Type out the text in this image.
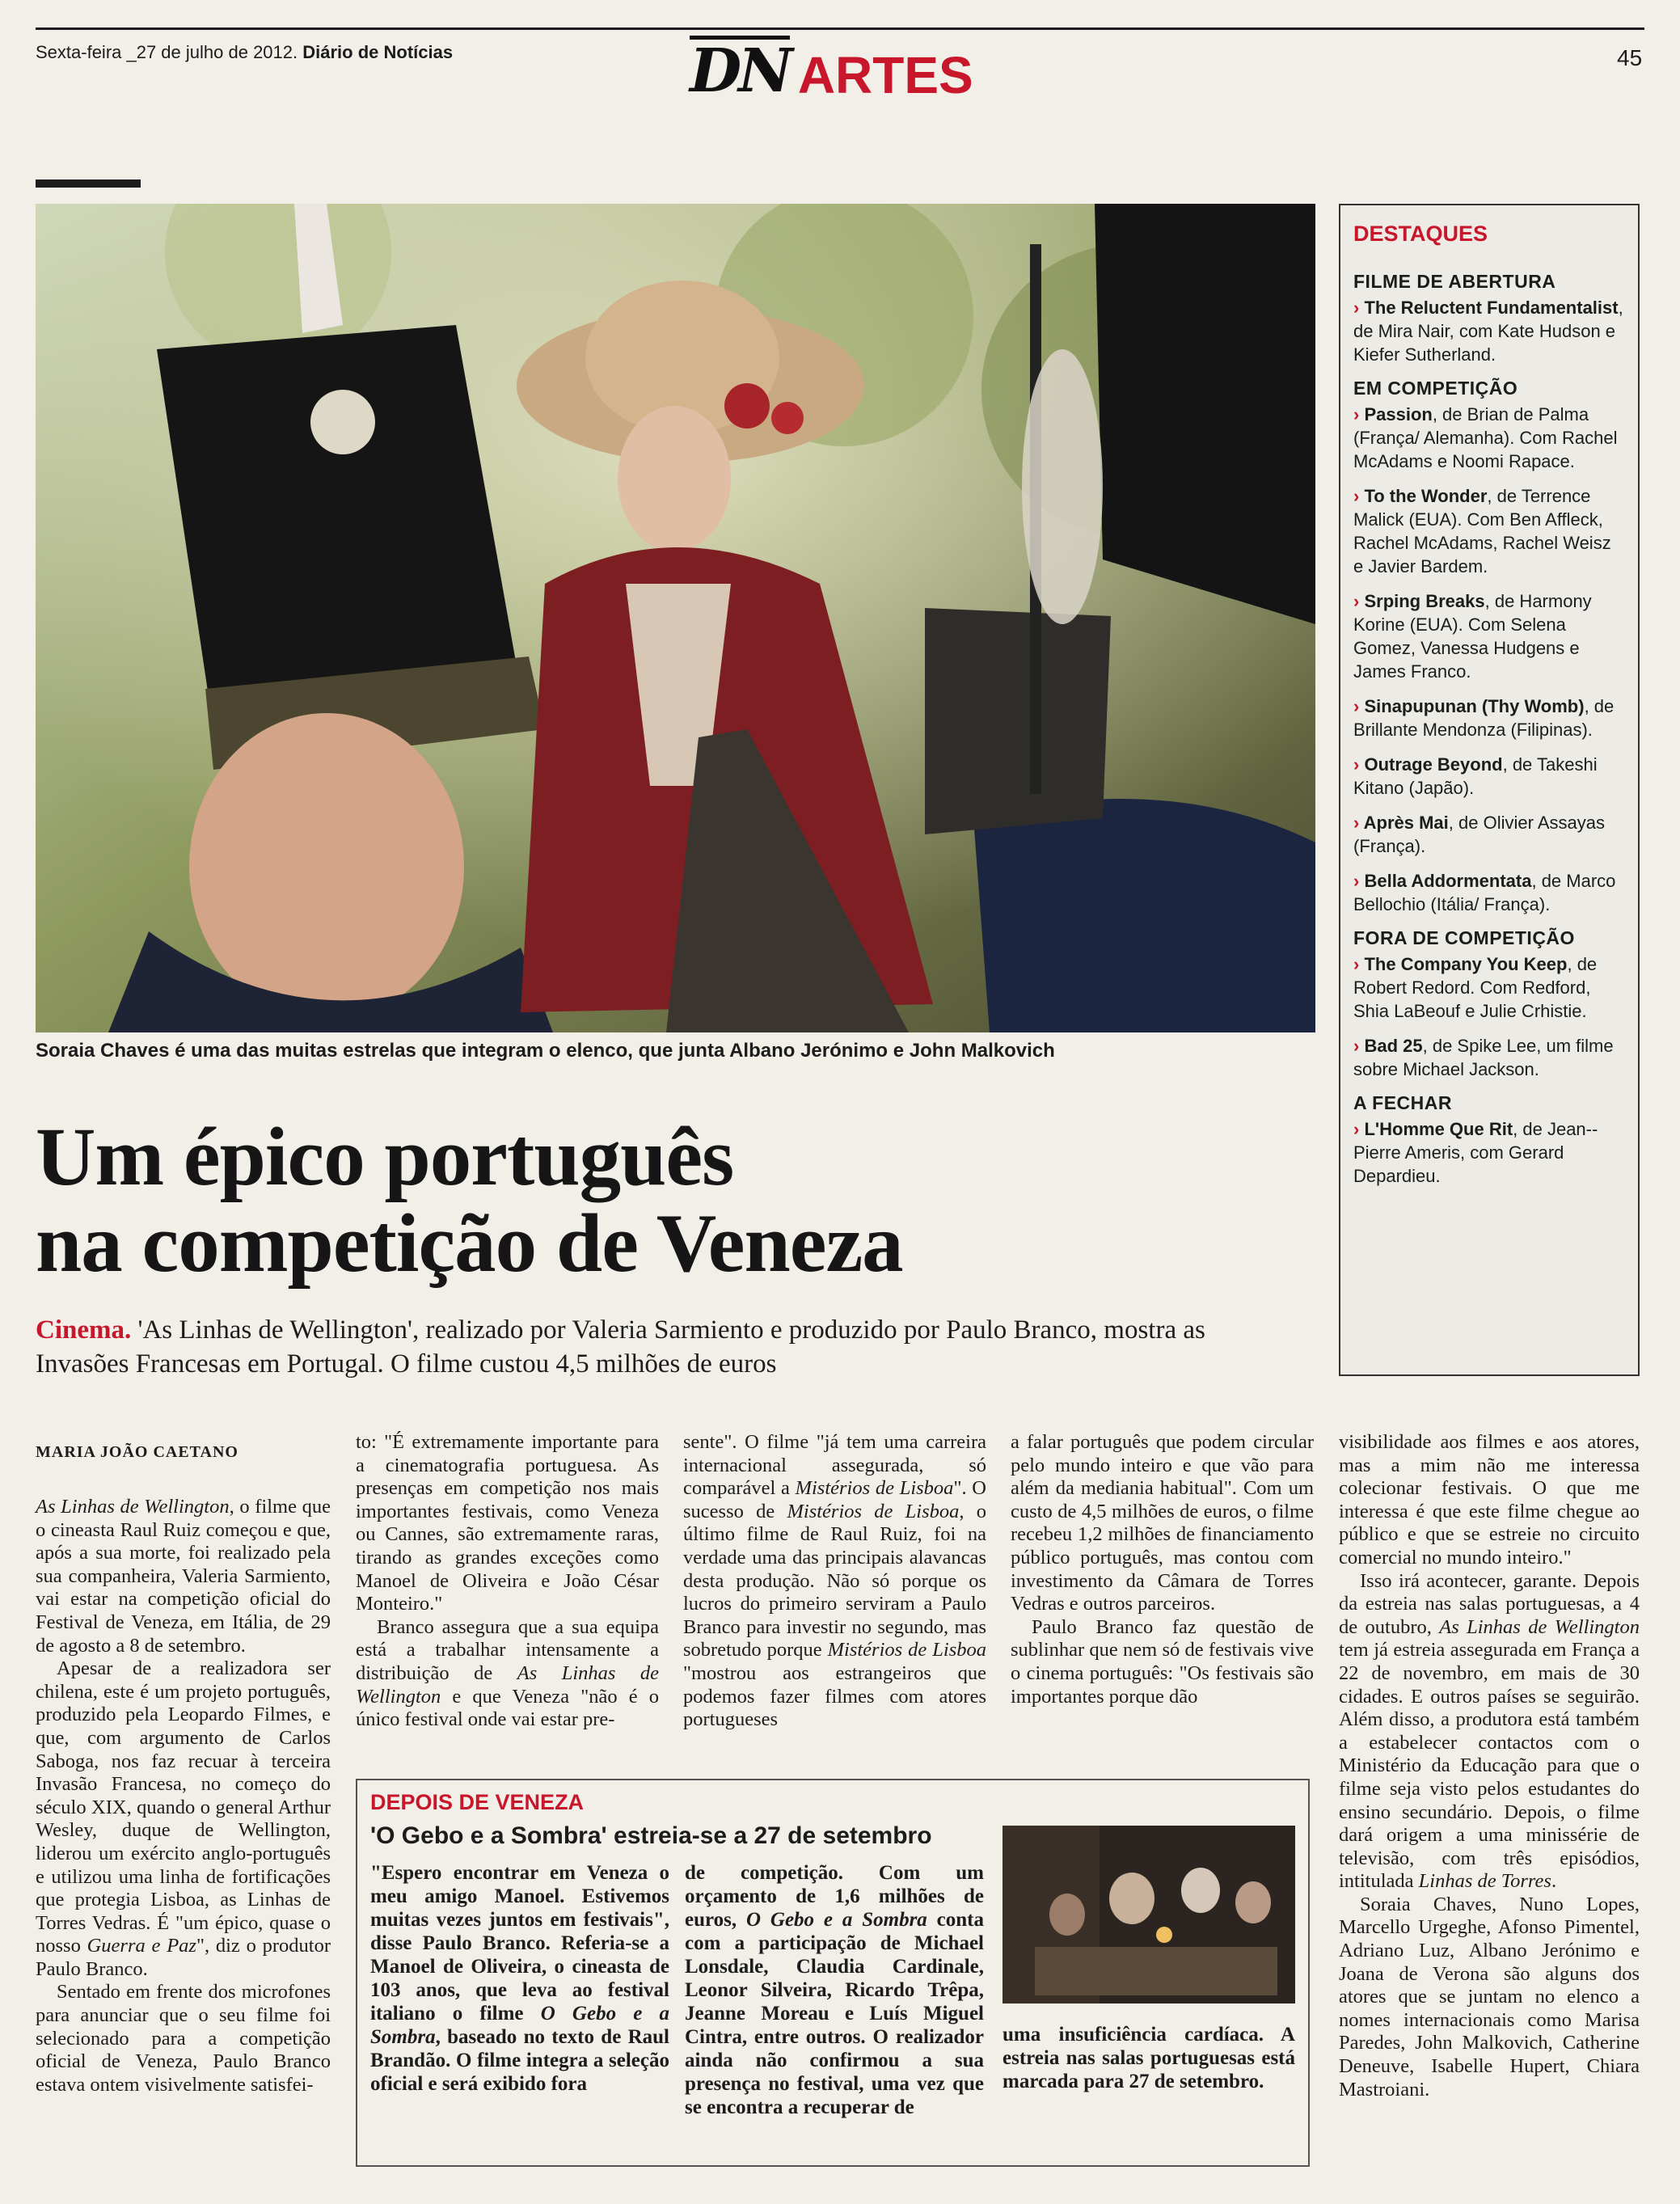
Sexta-feira _27 de julho de 2012. Diário de Notícias	DN ARTES	45
Soraia Chaves é uma das muitas estrelas que integram o elenco, que junta Albano Jerónimo e John Malkovich
DESTAQUES
FILME DE ABERTURA
› The Reluctent Fundamentalist, de Mira Nair, com Kate Hudson e Kiefer Sutherland.
EM COMPETIÇÃO
› Passion, de Brian de Palma (França/ Alemanha). Com Rachel McAdams e Noomi Rapace.
› To the Wonder, de Terrence Malick (EUA). Com Ben Affleck, Rachel McAdams, Rachel Weisz e Javier Bardem.
› Srping Breaks, de Harmony Korine (EUA). Com Selena Gomez, Vanessa Hudgens e James Franco.
› Sinapupunan (Thy Womb), de Brillante Mendonza (Filipinas).
› Outrage Beyond, de Takeshi Kitano (Japão).
› Après Mai, de Olivier Assayas (França).
› Bella Addormentata, de Marco Bellochio (Itália/ França).
FORA DE COMPETIÇÃO
› The Company You Keep, de Robert Redord. Com Redford, Shia LaBeouf e Julie Crhistie.
› Bad 25, de Spike Lee, um filme sobre Michael Jackson.
A FECHAR
› L'Homme Que Rit, de Jean--Pierre Ameris, com Gerard Depardieu.
Um épico português
na competição de Veneza
Cinema. 'As Linhas de Wellington', realizado por Valeria Sarmiento e produzido por Paulo Branco, mostra as Invasões Francesas em Portugal. O filme custou 4,5 milhões de euros
MARIA JOÃO CAETANO

As Linhas de Wellington, o filme que o cineasta Raul Ruiz começou e que, após a sua morte, foi realizado pela sua companheira, Valeria Sarmiento, vai estar na competição oficial do Festival de Veneza, em Itália, de 29 de agosto a 8 de setembro.

Apesar de a realizadora ser chilena, este é um projeto português, produzido pela Leopardo Filmes, e que, com argumento de Carlos Saboga, nos faz recuar à terceira Invasão Francesa, no começo do século XIX, quando o general Arthur Wesley, duque de Wellington, liderou um exército anglo-português e utilizou uma linha de fortificações que protegia Lisboa, as Linhas de Torres Vedras. É "um épico, quase o nosso Guerra e Paz", diz o produtor Paulo Branco.

Sentado em frente dos microfones para anunciar que o seu filme foi selecionado para a competição oficial de Veneza, Paulo Branco estava ontem visivelmente satisfei-

to: "É extremamente importante para a cinematografia portuguesa. As presenças em competição nos mais importantes festivais, como Veneza ou Cannes, são extremamente raras, tirando as grandes exceções como Manoel de Oliveira e João César Monteiro."

Branco assegura que a sua equipa está a trabalhar intensamente a distribuição de As Linhas de Wellington e que Veneza "não é o único festival onde vai estar pre-

sente". O filme "já tem uma carreira internacional assegurada, só comparável a Mistérios de Lisboa". O sucesso de Mistérios de Lisboa, o último filme de Raul Ruiz, foi na verdade uma das principais alavancas desta produção. Não só porque os lucros do primeiro serviram a Paulo Branco para investir no segundo, mas sobretudo porque Mistérios de Lisboa "mostrou aos estrangeiros que podemos fazer filmes com atores portugueses

a falar português que podem circular pelo mundo inteiro e que vão para além da mediania habitual". Com um custo de 4,5 milhões de euros, o filme recebeu 1,2 milhões de financiamento público português, mas contou com investimento da Câmara de Torres Vedras e outros parceiros.

Paulo Branco faz questão de sublinhar que nem só de festivais vive o cinema português: "Os festivais são importantes porque dão

visibilidade aos filmes e aos atores, mas a mim não me interessa colecionar festivais. O que me interessa é que este filme chegue ao público e que se estreie no circuito comercial no mundo inteiro."

Isso irá acontecer, garante. Depois da estreia nas salas portuguesas, a 4 de outubro, As Linhas de Wellington tem já estreia assegurada em França a 22 de novembro, em mais de 30 cidades. E outros países se seguirão. Além disso, a produtora está também a estabelecer contactos com o Ministério da Educação para que o filme seja visto pelos estudantes do ensino secundário. Depois, o filme dará origem a uma minissérie de televisão, com três episódios, intitulada Linhas de Torres.

Soraia Chaves, Nuno Lopes, Marcello Urgeghe, Afonso Pimentel, Adriano Luz, Albano Jerónimo e Joana de Verona são alguns dos atores que se juntam no elenco a nomes internacionais como Marisa Paredes, John Malkovich, Catherine Deneuve, Isabelle Hupert, Chiara Mastroiani.

DEPOIS DE VENEZA
'O Gebo e a Sombra' estreia-se a 27 de setembro
"Espero encontrar em Veneza o meu amigo Manoel. Estivemos muitas vezes juntos em festivais", disse Paulo Branco. Referia-se a Manoel de Oliveira, o cineasta de 103 anos, que leva ao festival italiano o filme O Gebo e a Sombra, baseado no texto de Raul Brandão. O filme integra a seleção oficial e será exibido fora
de competição. Com um orçamento de 1,6 milhões de euros, O Gebo e a Sombra conta com a participação de Michael Lonsdale, Claudia Cardinale, Leonor Silveira, Ricardo Trêpa, Jeanne Moreau e Luís Miguel Cintra, entre outros. O realizador ainda não confirmou a sua presença no festival, uma vez que se encontra a recuperar de
uma insuficiência cardíaca. A estreia nas salas portuguesas está marcada para 27 de setembro.
